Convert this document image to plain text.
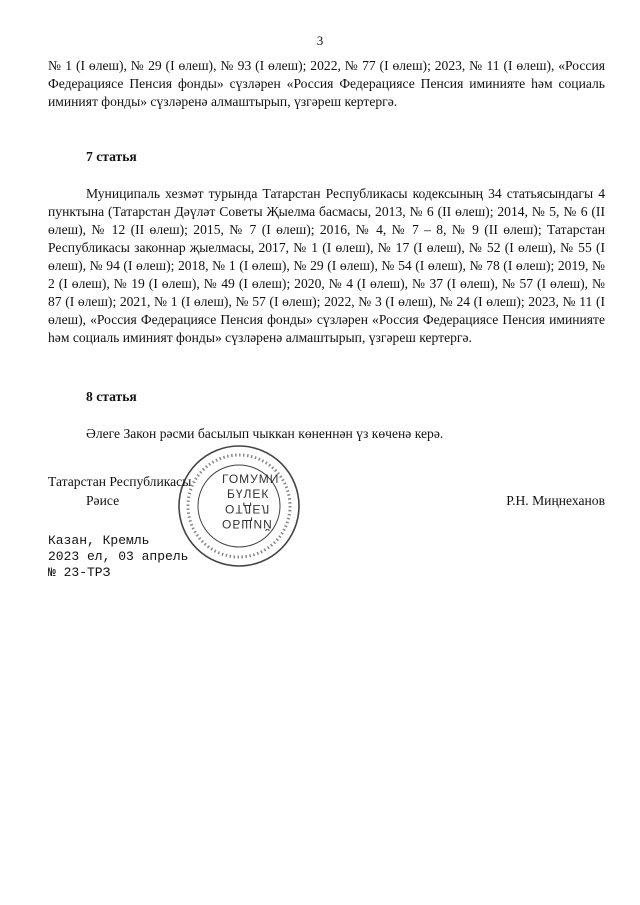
3

№ 1 (I өлеш), № 29 (I өлеш), № 93 (I өлеш); 2022, № 77 (I өлеш); 2023, № 11 (I өлеш), «Россия Федерациясе Пенсия фонды» сүзләрен «Россия Федерациясе Пенсия иминияте һәм социаль иминият фонды» сүзләренә алмаштырып, үзгәреш кертергә.

7 статья

Муниципаль хезмәт турында Татарстан Республикасы кодексының 34 статьясындагы 4 пунктына (Татарстан Дәүләт Советы Җыелма басмасы, 2013, № 6 (II өлеш); 2014, № 5, № 6 (II өлеш), № 12 (II өлеш); 2015, № 7 (I өлеш); 2016, № 4, № 7 – 8, № 9 (II өлеш); Татарстан Республикасы законнар җыелмасы, 2017, № 1 (I өлеш), № 17 (I өлеш), № 52 (I өлеш), № 55 (I өлеш), № 94 (I өлеш); 2018, № 1 (I өлеш), № 29 (I өлеш), № 54 (I өлеш), № 78 (I өлеш); 2019, № 2 (I өлеш), № 19 (I өлеш), № 49 (I өлеш); 2020, № 4 (I өлеш), № 37 (I өлеш), № 57 (I өлеш), № 87 (I өлеш); 2021, № 1 (I өлеш), № 57 (I өлеш); 2022, № 3 (I өлеш), № 24 (I өлеш); 2023, № 11 (I өлеш), «Россия Федерациясе Пенсия фонды» сүзләрен «Россия Федерациясе Пенсия иминияте һәм социаль иминият фонды» сүзләренә алмаштырып, үзгәреш кертергә.

8 статья

Әлеге Закон рәсми басылып чыккан көненнән үз көченә керә.

ГОМУМИ
БҮЛЕК
ОТДЕЛ
ОБЩИЙ
Татарстан Республикасы
Рәисе	Р.Н. Миңнеханов
Казан, Кремль
2023 ел, 03 апрель
№ 23-ТРЗ
